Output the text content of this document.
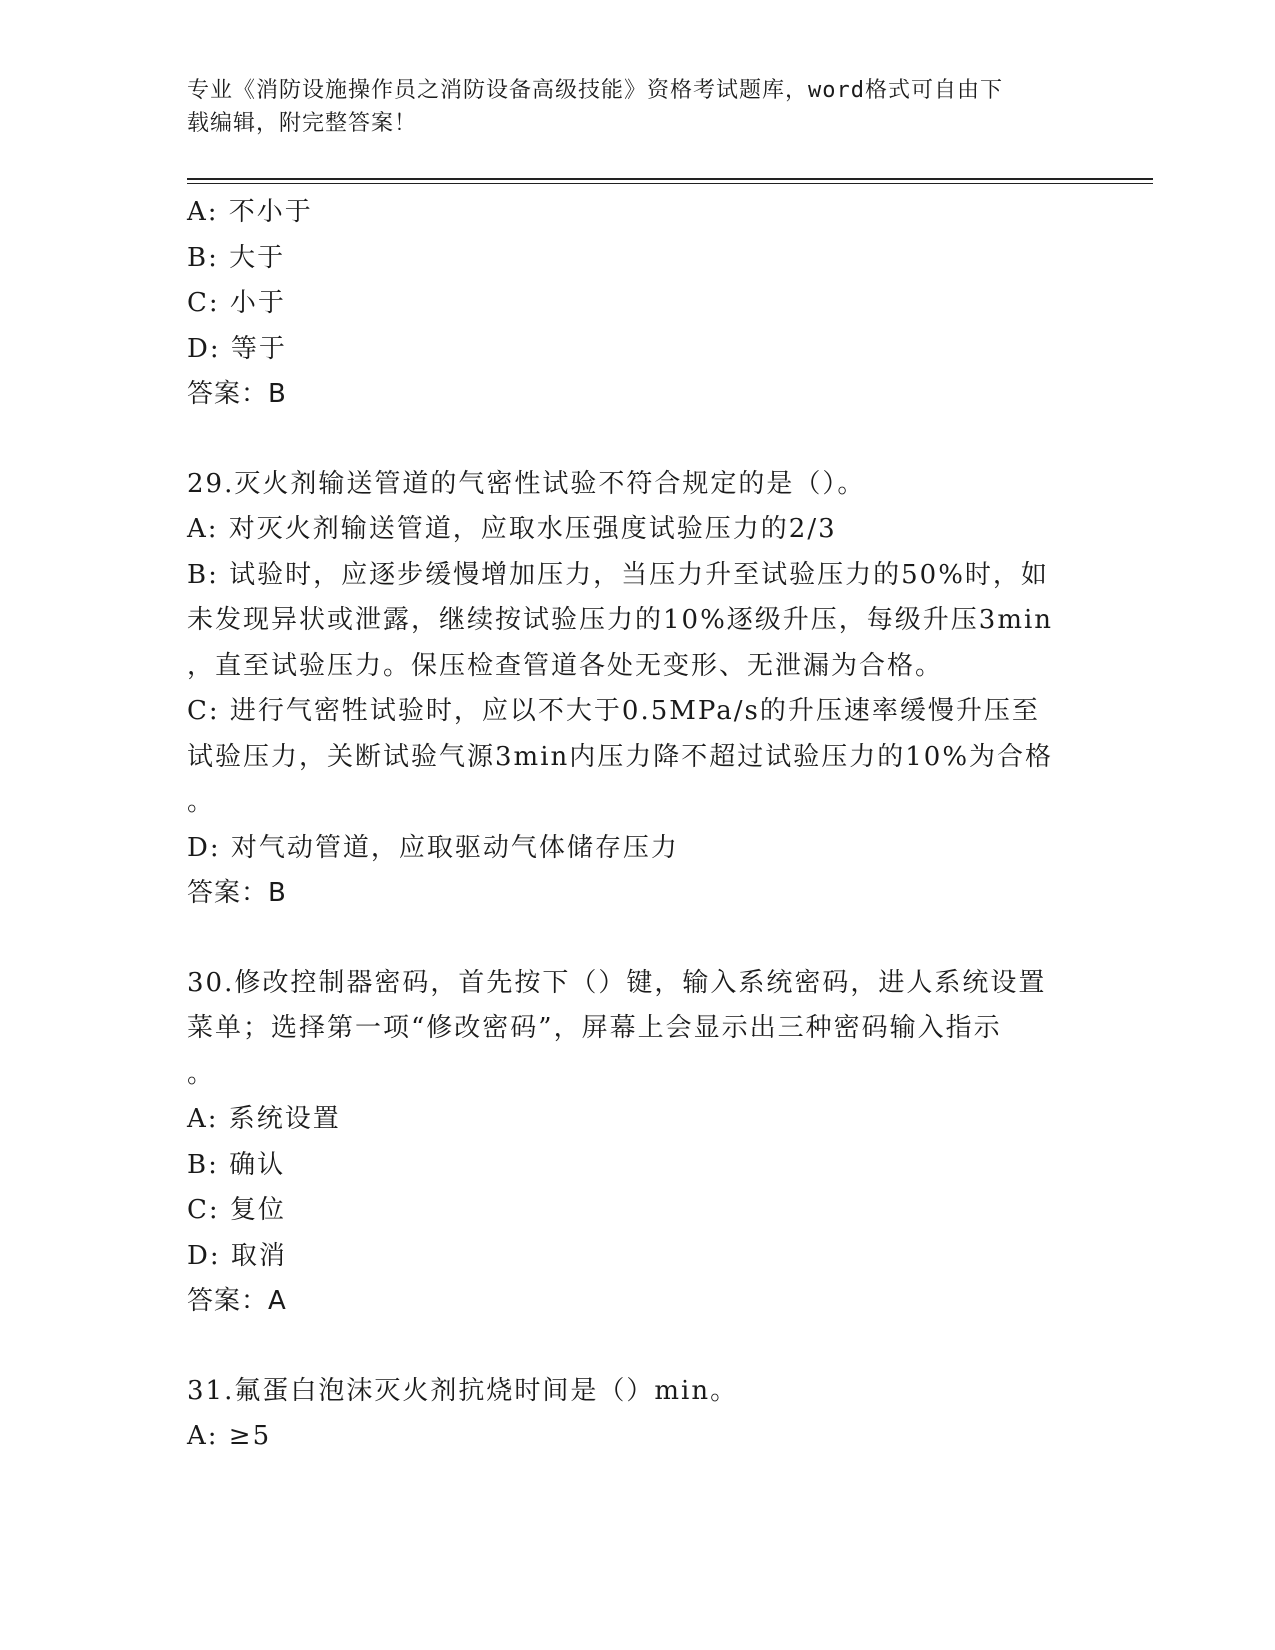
专业《消防设施操作员之消防设备高级技能》资格考试题库，word格式可自由下
载编辑，附完整答案！
A: 不小于
B: 大于
C: 小于
D: 等于
答案：B
29.灭火剂输送管道的气密性试验不符合规定的是（）。
A: 对灭火剂输送管道，应取水压强度试验压力的2/3
B: 试验时，应逐步缓慢增加压力，当压力升至试验压力的50%时，如
未发现异状或泄露，继续按试验压力的10%逐级升压，每级升压3min
，直至试验压力。保压检查管道各处无变形、无泄漏为合格。
C: 进行气密牲试验时，应以不大于0.5MPa/s的升压速率缓慢升压至
试验压力，关断试验气源3min内压力降不超过试验压力的10%为合格
。
D: 对气动管道，应取驱动气体储存压力
答案：B
30.修改控制器密码，首先按下（）键，输入系统密码，进人系统设置
菜单；选择第一项“修改密码”，屏幕上会显示出三种密码输入指示
。
A: 系统设置
B: 确认
C: 复位
D: 取消
答案：A
31.氟蛋白泡沫灭火剂抗烧时间是（）min。
A: ≥5
